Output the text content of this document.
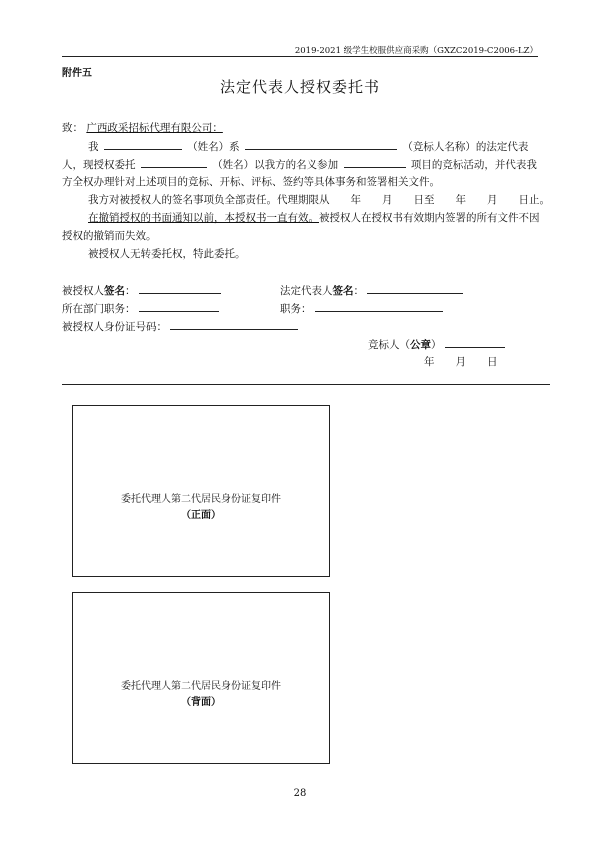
2019-2021 级学生校服供应商采购（GXZC2019-C2006-LZ）
附件五
法定代表人授权委托书
致： 广西政采招标代理有限公司：
我	（姓名）系	（竞标人名称）的法定代表
人，现授权委托	（姓名）以我方的名义参加	项目的竞标活动，并代表我
方全权办理针对上述项目的竞标、开标、评标、签约等具体事务和签署相关文件。
我方对被授权人的签名事项负全部责任。代理期限从　　年　　月　　日至　　年　　月　　日止。
在撤销授权的书面通知以前，本授权书一直有效。被授权人在授权书有效期内签署的所有文件不因
授权的撤销而失效。
被授权人无转委托权，特此委托。
被授权人签名：	法定代表人签名：
所在部门职务：	职务：
被授权人身份证号码：
竞标人（公章）
年　　月　　日
委托代理人第二代居民身份证复印件
（正面）
委托代理人第二代居民身份证复印件
（背面）
28
